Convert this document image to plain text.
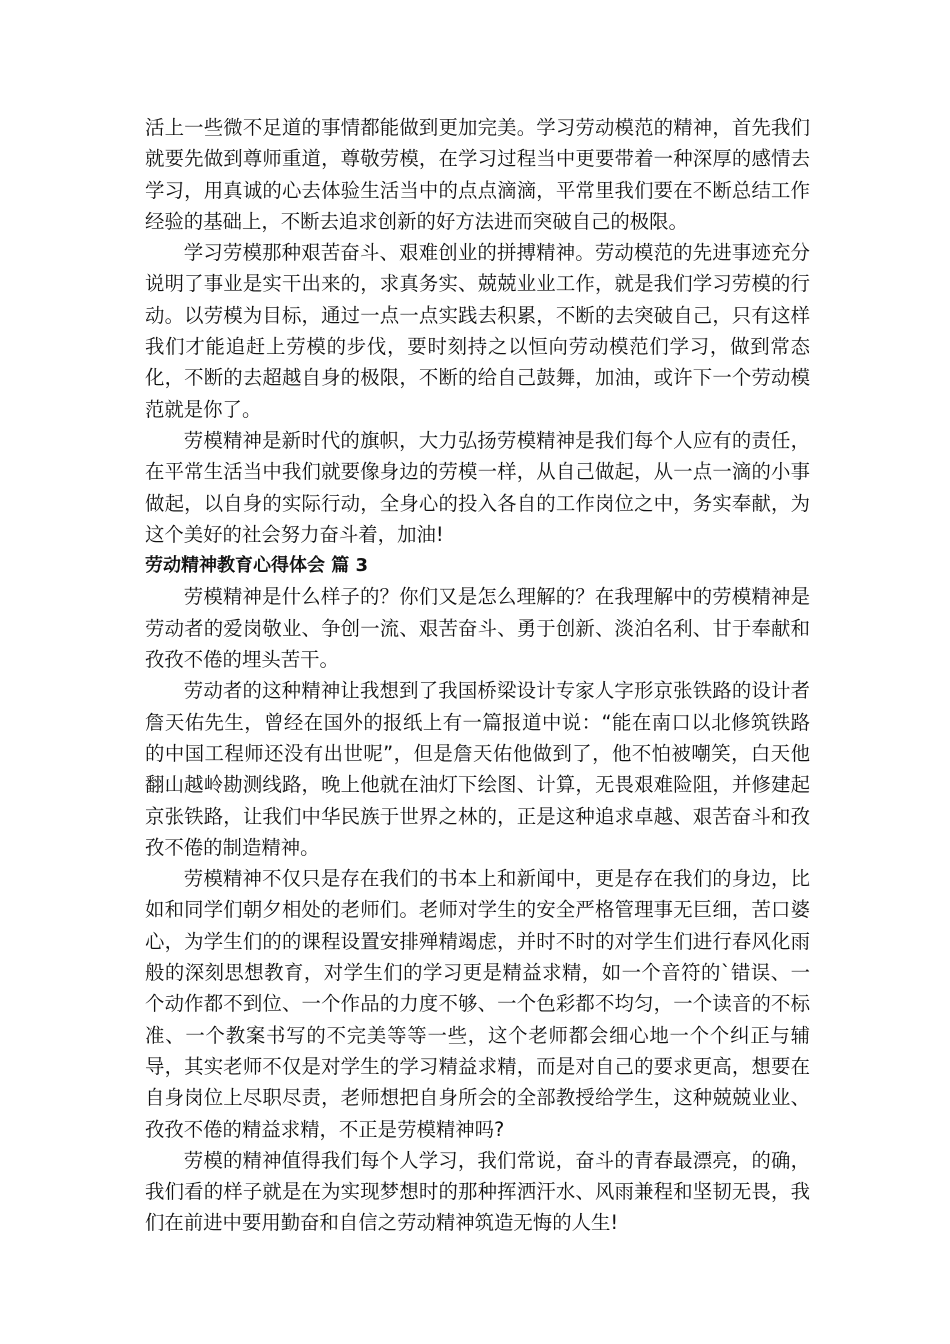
活上一些微不足道的事情都能做到更加完美。学习劳动模范的精神，首先我们就要先做到尊师重道，尊敬劳模，在学习过程当中更要带着一种深厚的感情去学习，用真诚的心去体验生活当中的点点滴滴，平常里我们要在不断总结工作经验的基础上，不断去追求创新的好方法进而突破自己的极限。

学习劳模那种艰苦奋斗、艰难创业的拼搏精神。劳动模范的先进事迹充分说明了事业是实干出来的，求真务实、兢兢业业工作，就是我们学习劳模的行动。以劳模为目标，通过一点一点实践去积累，不断的去突破自己，只有这样我们才能追赶上劳模的步伐，要时刻持之以恒向劳动模范们学习，做到常态化，不断的去超越自身的极限，不断的给自己鼓舞，加油，或许下一个劳动模范就是你了。

劳模精神是新时代的旗帜，大力弘扬劳模精神是我们每个人应有的责任，在平常生活当中我们就要像身边的劳模一样，从自己做起，从一点一滴的小事做起，以自身的实际行动，全身心的投入各自的工作岗位之中，务实奉献，为这个美好的社会努力奋斗着，加油!

劳动精神教育心得体会 篇 3

劳模精神是什么样子的？你们又是怎么理解的？在我理解中的劳模精神是劳动者的爱岗敬业、争创一流、艰苦奋斗、勇于创新、淡泊名利、甘于奉献和孜孜不倦的埋头苦干。

劳动者的这种精神让我想到了我国桥梁设计专家人字形京张铁路的设计者詹天佑先生，曾经在国外的报纸上有一篇报道中说：“能在南口以北修筑铁路的中国工程师还没有出世呢”，但是詹天佑他做到了，他不怕被嘲笑，白天他翻山越岭勘测线路，晚上他就在油灯下绘图、计算，无畏艰难险阻，并修建起京张铁路，让我们中华民族于世界之林的，正是这种追求卓越、艰苦奋斗和孜孜不倦的制造精神。

劳模精神不仅只是存在我们的书本上和新闻中，更是存在我们的身边，比如和同学们朝夕相处的老师们。老师对学生的安全严格管理事无巨细，苦口婆心，为学生们的的课程设置安排殚精竭虑，并时不时的对学生们进行春风化雨般的深刻思想教育，对学生们的学习更是精益求精，如一个音符的`错误、一个动作都不到位、一个作品的力度不够、一个色彩都不均匀，一个读音的不标准、一个教案书写的不完美等等一些，这个老师都会细心地一个个纠正与辅导，其实老师不仅是对学生的学习精益求精，而是对自己的要求更高，想要在自身岗位上尽职尽责，老师想把自身所会的全部教授给学生，这种兢兢业业、孜孜不倦的精益求精，不正是劳模精神吗?

劳模的精神值得我们每个人学习，我们常说，奋斗的青春最漂亮，的确，我们看的样子就是在为实现梦想时的那种挥洒汗水、风雨兼程和坚韧无畏，我们在前进中要用勤奋和自信之劳动精神筑造无悔的人生!
